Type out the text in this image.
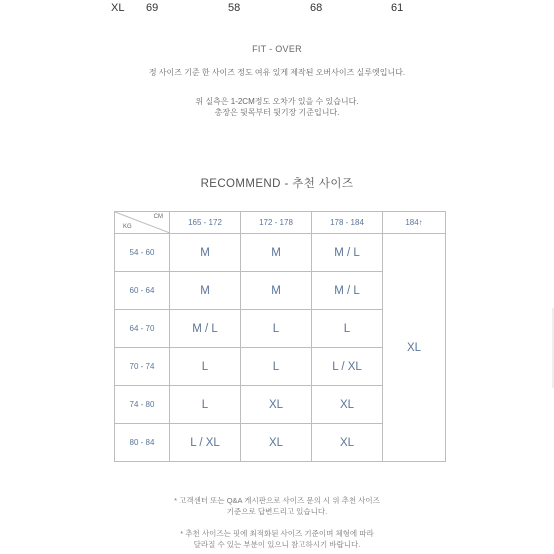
XL 69	58	68	61
FIT - OVER
정 사이즈 기준 한 사이즈 정도 여유 있게 제작된 오버사이즈 실루엣입니다.
위 실측은 1-2CM정도 오차가 있을 수 있습니다.
총장은 뒷목부터 뒷기장 기준입니다.
RECOMMEND - 추천 사이즈
CM
KG	165 - 172	172 - 178	178 - 184	184↑
54 - 60	M	M	M / L	XL
60 - 64	M	M	M / L	
64 - 70	M / L	L	L	
70 - 74	L	L	L / XL	
74 - 80	L	XL	XL	
80 - 84	L / XL	XL	XL	
* 고객센터 또는 Q&A 게시판으로 사이즈 문의 시 위 추천 사이즈
기준으로 답변드리고 있습니다.
* 추천 사이즈는 핏에 최적화된 사이즈 기준이며 체형에 따라
달라질 수 있는 부분이 있으니 참고하시기 바랍니다.
